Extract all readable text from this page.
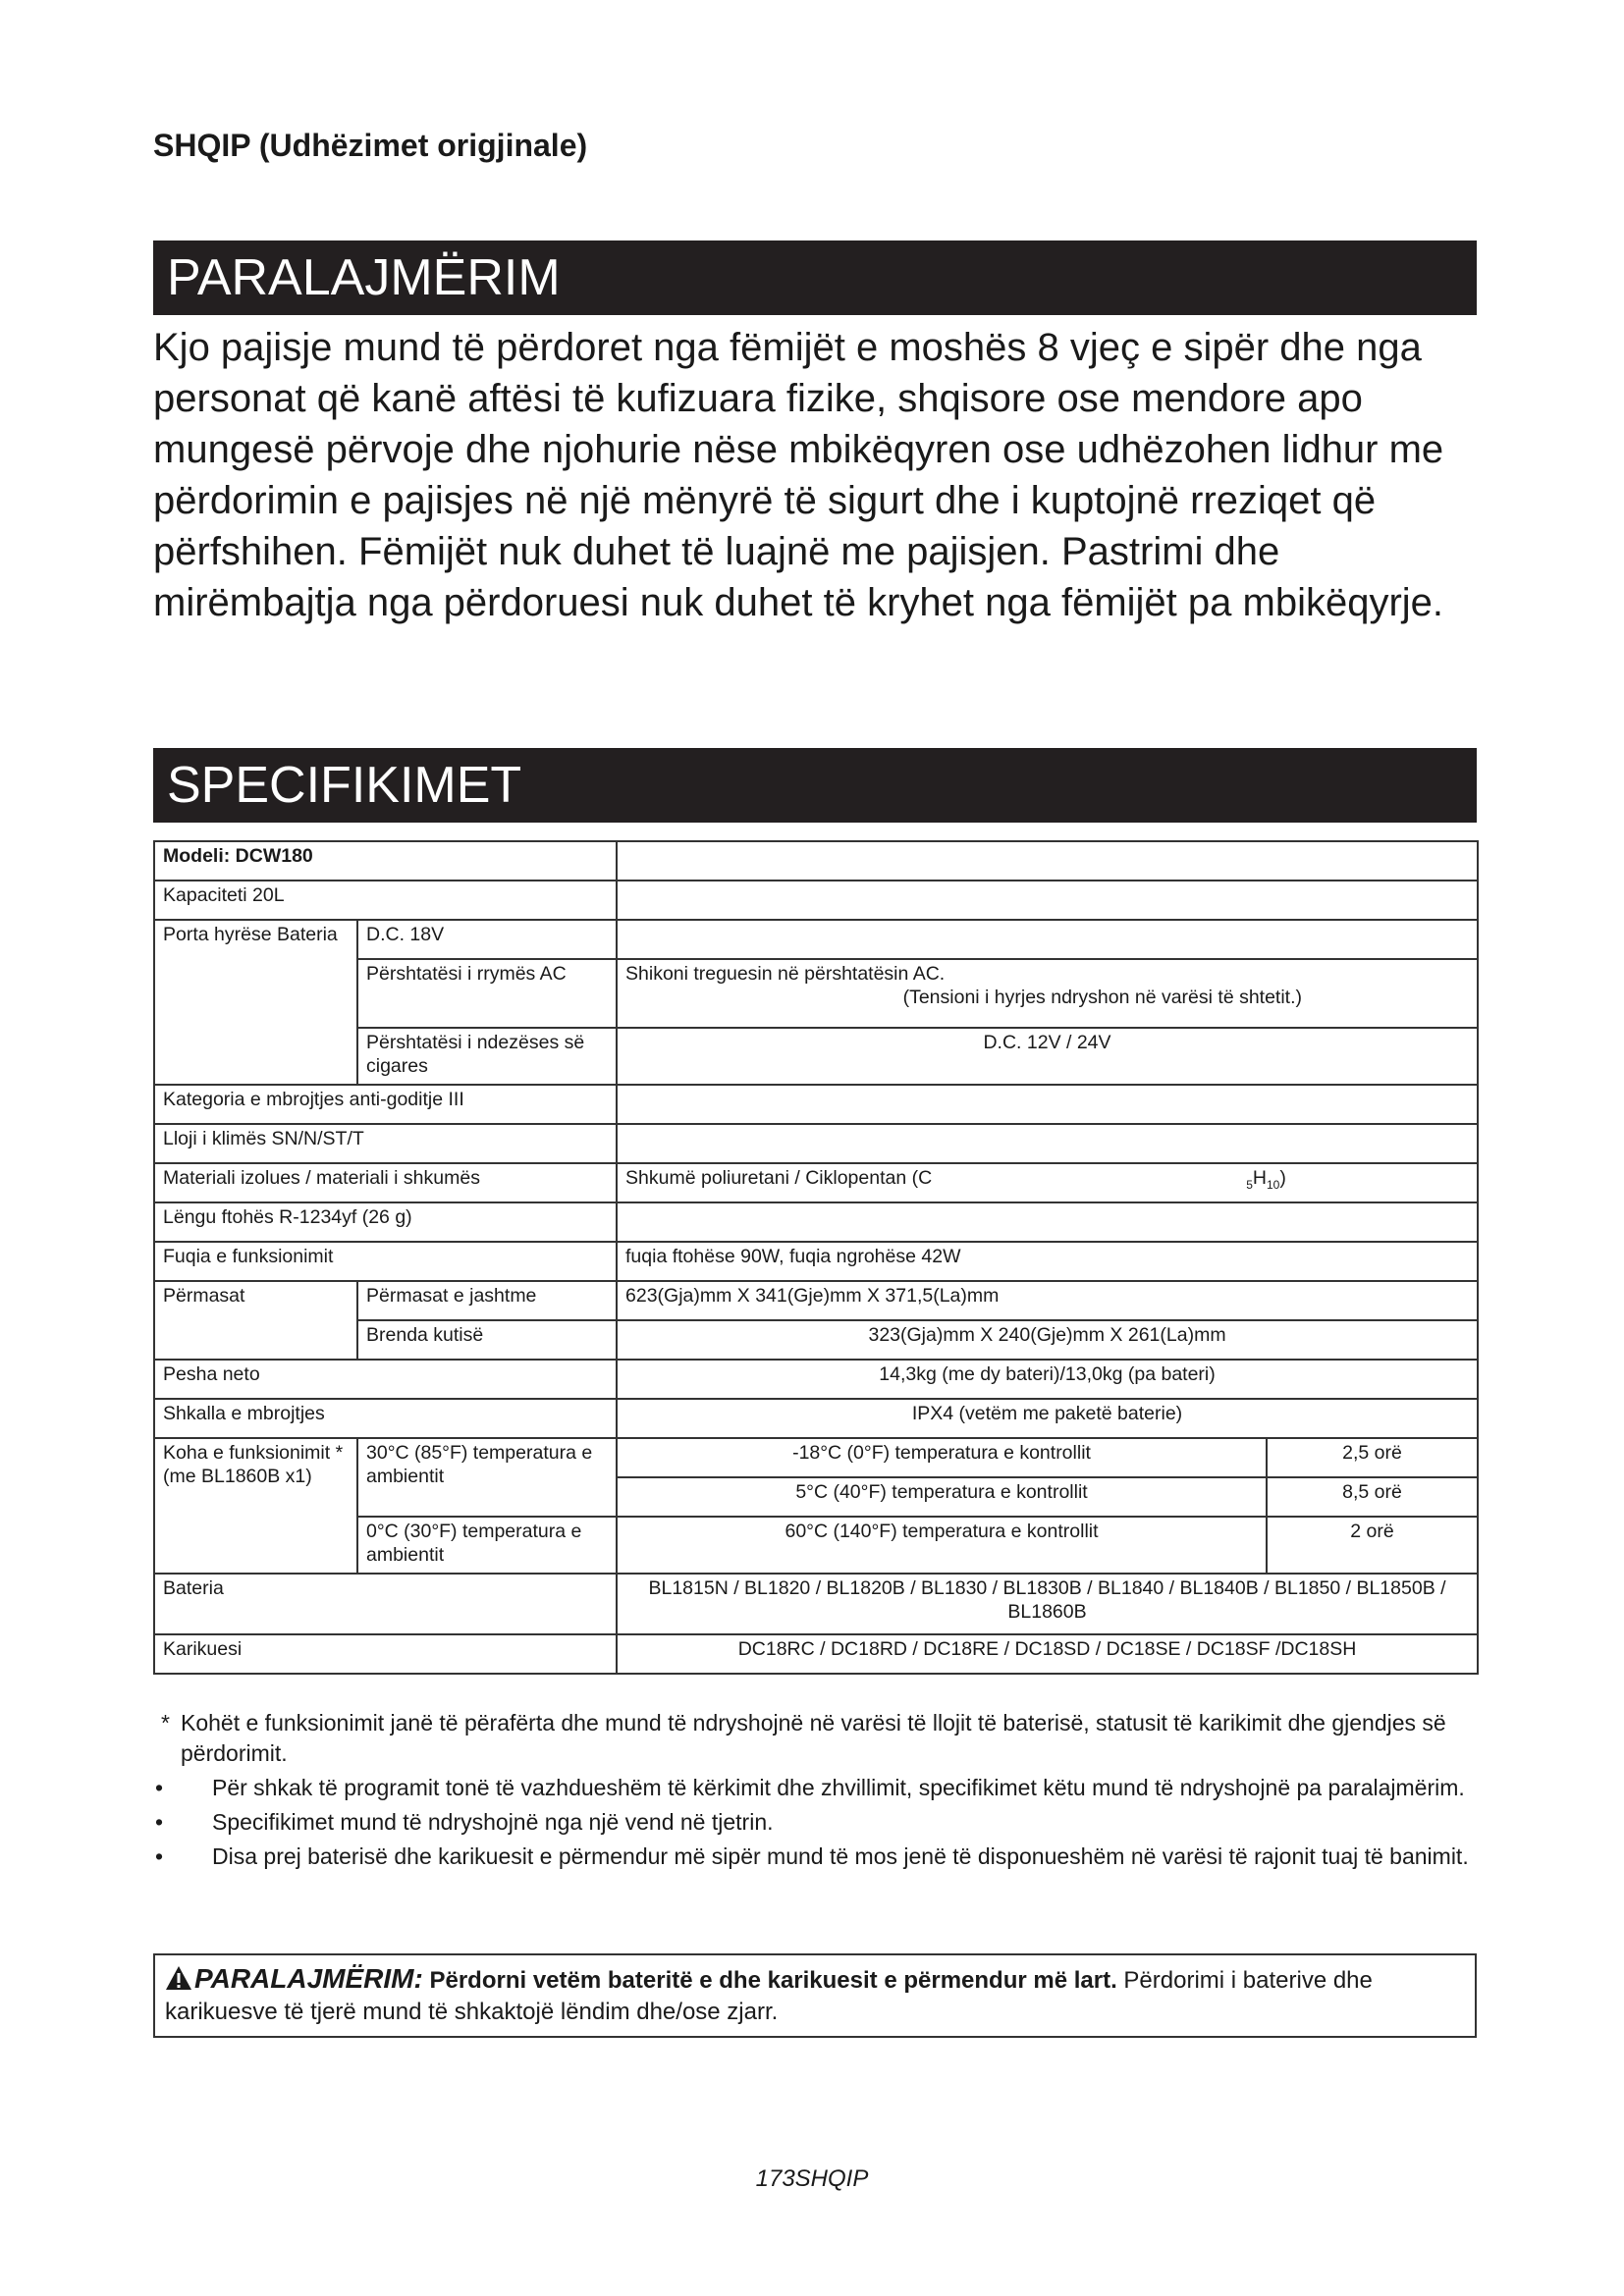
SHQIP (Udhëzimet origjinale)
PARALAJMËRIM
Kjo pajisje mund të përdoret nga fëmijët e moshës 8 vjeç e sipër dhe nga personat që kanë aftësi të kufizuara fizike, shqisore ose mendore apo mungesë përvoje dhe njohurie nëse mbikëqyren ose udhëzohen lidhur me përdorimin e pajisjes në një mënyrë të sigurt dhe i kuptojnë rreziqet që përfshihen. Fëmijët nuk duhet të luajnë me pajisjen. Pastrimi dhe mirëmbajtja nga përdoruesi nuk duhet të kryhet nga fëmijët pa mbikëqyrje.
SPECIFIKIMET
Modeli: DCW180			
Kapaciteti 20L			
Porta hyrëse Bateria	D.C. 18V		
	Përshtatësi i rrymës AC	Shikoni treguesin në përshtatësin AC.
(Tensioni i hyrjes ndryshon në varësi të shtetit.)	

	Përshtatësi i ndezëses së cigares	D.C. 12V / 24V	
Kategoria e mbrojtjes anti-goditje III			
Lloji i klimës SN/N/ST/T			
Materiali izolues / materiali i shkumës		Shkumë poliuretani / Ciklopentan (C $_5H_{10}$)	
Lëngu ftohës R-1234yf (26 g)			
Fuqia e funksionimit		fuqia ftohëse 90W, fuqia ngrohëse 42W	
Përmasat	Përmasat e jashtme	623(Gja)mm X 341(Gje)mm X 371,5(La)mm	
	Brenda kutisë	323(Gja)mm X 240(Gje)mm X 261(La)mm	
Pesha neto		14,3kg (me dy bateri)/13,0kg (pa bateri)	
Shkalla e mbrojtjes		IPX4 (vetëm me paketë baterie)	
Koha e funksionimit * (me BL1860B x1)	30°C (85°F) temperatura e ambientit	-18°C (0°F) temperatura e kontrollit	2,5 orë
		5°C (40°F) temperatura e kontrollit	8,5 orë
	0°C (30°F) temperatura e ambientit	60°C (140°F) temperatura e kontrollit	2 orë
Bateria		BL1815N / BL1820 / BL1820B / BL1830 / BL1830B / BL1840 / BL1840B / BL1850 / BL1850B / BL1860B	
Karikuesi		DC18RC / DC18RD / DC18RE / DC18SD / DC18SE / DC18SF /DC18SH	
* Kohët e funksionimit janë të përafërta dhe mund të ndryshojnë në varësi të llojit të baterisë, statusit të karikimit dhe gjendjes së përdorimit.
• Për shkak të programit tonë të vazhdueshëm të kërkimit dhe zhvillimit, specifikimet këtu mund të ndryshojnë pa paralajmërim.
• Specifikimet mund të ndryshojnë nga një vend në tjetrin.
• Disa prej baterisë dhe karikuesit e përmendur më sipër mund të mos jenë të disponueshëm në varësi të rajonit tuaj të banimit.
PARALAJMËRIM: Përdorni vetëm bateritë e dhe karikuesit e përmendur më lart. Përdorimi i baterive dhe karikuesve të tjerë mund të shkaktojë lëndim dhe/ose zjarr.
173SHQIP
